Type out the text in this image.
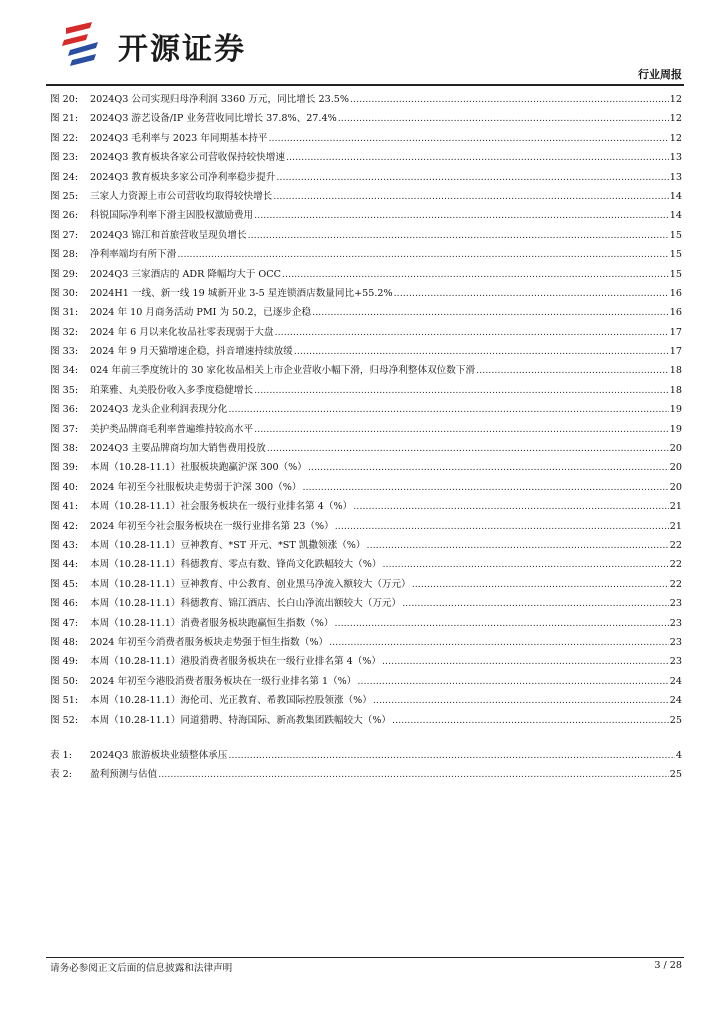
开源证券
行业周报
图 20:	2024Q3 公司实现归母净利润 3360 万元，同比增长 23.5% .....	12
图 21:	2024Q3 游艺设备/IP 业务营收同比增长 37.8%、27.4% .....	12
图 22:	2024Q3 毛利率与 2023 年同期基本持平 .....	12
图 23:	2024Q3 教育板块各家公司营收保持较快增速 .....	13
图 24:	2024Q3 教育板块多家公司净利率稳步提升 .....	13
图 25:	三家人力资源上市公司营收均取得较快增长 .....	14
图 26:	科锐国际净利率下滑主因股权激励费用 .....	14
图 27:	2024Q3 锦江和首旅营收呈现负增长 .....	15
图 28:	净利率端均有所下滑 .....	15
图 29:	2024Q3 三家酒店的 ADR 降幅均大于 OCC .....	15
图 30:	2024H1 一线、新一线 19 城新开业 3-5 星连锁酒店数量同比+55.2% .....	16
图 31:	2024 年 10 月商务活动 PMI 为 50.2，已逐步企稳 .....	16
图 32:	2024 年 6 月以来化妆品社零表现弱于大盘 .....	17
图 33:	2024 年 9 月天猫增速企稳，抖音增速持续放缓 .....	17
图 34:	024 年前三季度统计的 30 家化妆品相关上市企业营收小幅下滑，归母净利整体双位数下滑 .....	18
图 35:	珀莱雅、丸美股份收入多季度稳健增长 .....	18
图 36:	2024Q3 龙头企业利润表现分化 .....	19
图 37:	美护类品牌商毛利率普遍维持较高水平 .....	19
图 38:	2024Q3 主要品牌商均加大销售费用投放 .....	20
图 39:	本周（10.28-11.1）社服板块跑赢沪深 300（%） .....	20
图 40:	2024 年初至今社服板块走势弱于沪深 300（%） .....	20
图 41:	本周（10.28-11.1）社会服务板块在一级行业排名第 4（%） .....	21
图 42:	2024 年初至今社会服务板块在一级行业排名第 23（%） .....	21
图 43:	本周（10.28-11.1）豆神教育、*ST 开元、*ST 凯撒领涨（%） .....	22
图 44:	本周（10.28-11.1）科德教育、零点有数、锋尚文化跌幅较大（%） .....	22
图 45:	本周（10.28-11.1）豆神教育、中公教育、创业黑马净流入额较大（万元） .....	22
图 46:	本周（10.28-11.1）科德教育、锦江酒店、长白山净流出额较大（万元） .....	23
图 47:	本周（10.28-11.1）消费者服务板块跑赢恒生指数（%） .....	23
图 48:	2024 年初至今消费者服务板块走势强于恒生指数（%） .....	23
图 49:	本周（10.28-11.1）港股消费者服务板块在一级行业排名第 4（%） .....	23
图 50:	2024 年初至今港股消费者服务板块在一级行业排名第 1（%） .....	24
图 51:	本周（10.28-11.1）海伦司、光正教育、希教国际控股领涨（%） .....	24
图 52:	本周（10.28-11.1）同道猎聘、特海国际、新高教集团跌幅较大（%） .....	25
表 1:	2024Q3 旅游板块业绩整体承压 .....	4
表 2:	盈利预测与估值 .....	25
请务必参阅正文后面的信息披露和法律声明	3 / 28
